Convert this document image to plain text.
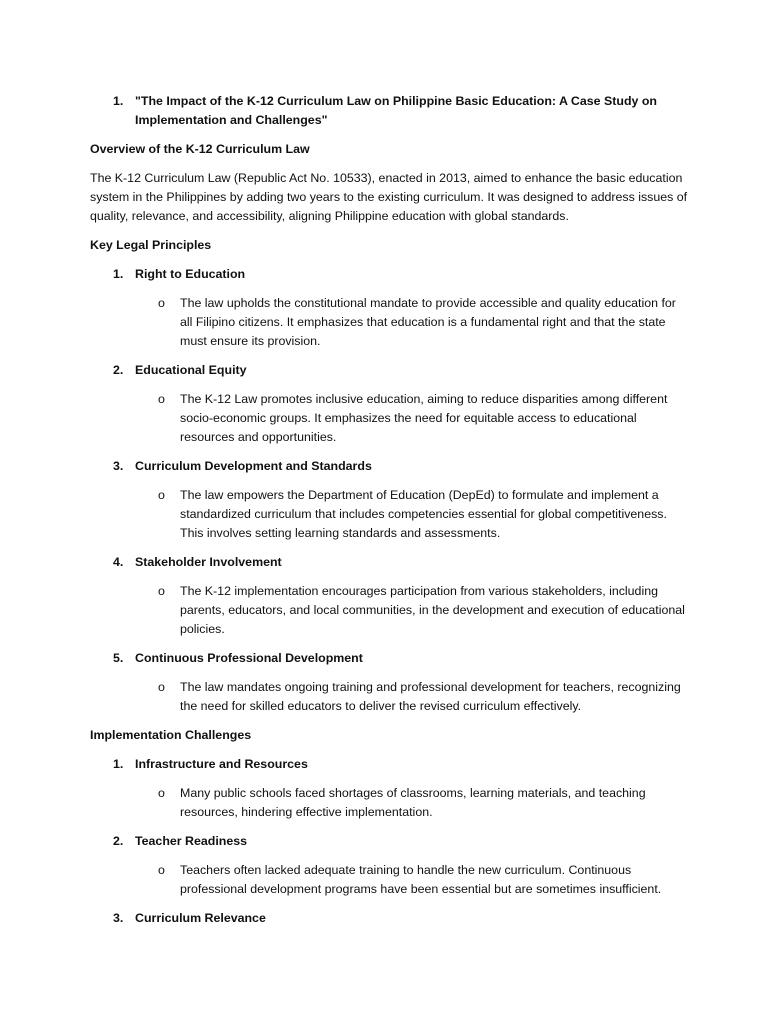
1. "The Impact of the K-12 Curriculum Law on Philippine Basic Education: A Case Study on Implementation and Challenges"
Overview of the K-12 Curriculum Law
The K-12 Curriculum Law (Republic Act No. 10533), enacted in 2013, aimed to enhance the basic education system in the Philippines by adding two years to the existing curriculum. It was designed to address issues of quality, relevance, and accessibility, aligning Philippine education with global standards.
Key Legal Principles
1. Right to Education
o The law upholds the constitutional mandate to provide accessible and quality education for all Filipino citizens. It emphasizes that education is a fundamental right and that the state must ensure its provision.
2. Educational Equity
o The K-12 Law promotes inclusive education, aiming to reduce disparities among different socio-economic groups. It emphasizes the need for equitable access to educational resources and opportunities.
3. Curriculum Development and Standards
o The law empowers the Department of Education (DepEd) to formulate and implement a standardized curriculum that includes competencies essential for global competitiveness. This involves setting learning standards and assessments.
4. Stakeholder Involvement
o The K-12 implementation encourages participation from various stakeholders, including parents, educators, and local communities, in the development and execution of educational policies.
5. Continuous Professional Development
o The law mandates ongoing training and professional development for teachers, recognizing the need for skilled educators to deliver the revised curriculum effectively.
Implementation Challenges
1. Infrastructure and Resources
o Many public schools faced shortages of classrooms, learning materials, and teaching resources, hindering effective implementation.
2. Teacher Readiness
o Teachers often lacked adequate training to handle the new curriculum. Continuous professional development programs have been essential but are sometimes insufficient.
3. Curriculum Relevance
